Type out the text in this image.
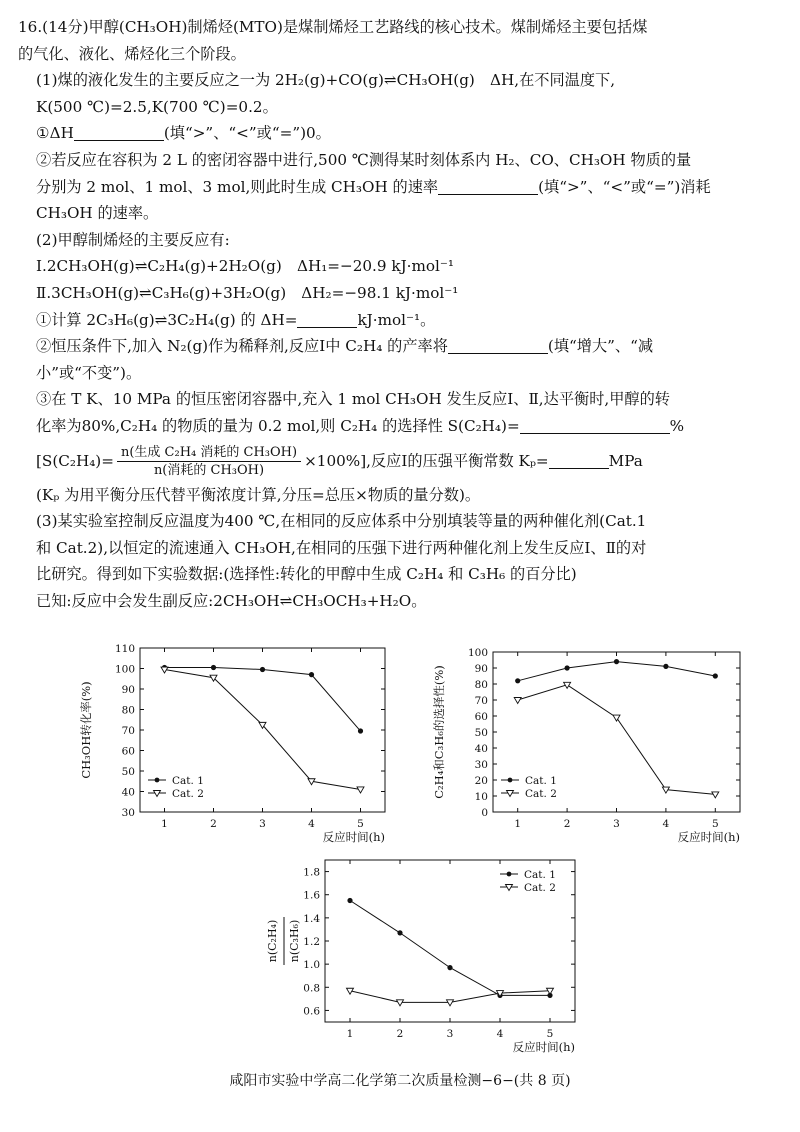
16.(14分)甲醇(CH₃OH)制烯烃(MTO)是煤制烯烃工艺路线的核心技术。煤制烯烃主要包括煤

的气化、液化、烯烃化三个阶段。

(1)煤的液化发生的主要反应之一为 2H₂(g)+CO(g)⇌CH₃OH(g)　ΔH,在不同温度下,

K(500 ℃)=2.5,K(700 ℃)=0.2。

①ΔH	(填“>”、“<”或“=”)0。

②若反应在容积为 2 L 的密闭容器中进行,500 ℃测得某时刻体系内 H₂、CO、CH₃OH 物质的量

分别为 2 mol、1 mol、3 mol,则此时生成 CH₃OH 的速率	(填“>”、“<”或“=”)消耗

CH₃OH 的速率。

(2)甲醇制烯烃的主要反应有:

Ⅰ.2CH₃OH(g)⇌C₂H₄(g)+2H₂O(g)　ΔH₁=−20.9 kJ·mol⁻¹

Ⅱ.3CH₃OH(g)⇌C₃H₆(g)+3H₂O(g)　ΔH₂=−98.1 kJ·mol⁻¹

①计算 2C₃H₆(g)⇌3C₂H₄(g) 的 ΔH=	kJ·mol⁻¹。

②恒压条件下,加入 N₂(g)作为稀释剂,反应Ⅰ中 C₂H₄ 的产率将	(填“增大”、“减

小”或“不变”)。

③在 T K、10 MPa 的恒压密闭容器中,充入 1 mol CH₃OH 发生反应Ⅰ、Ⅱ,达平衡时,甲醇的转

化率为80%,C₂H₄ 的物质的量为 0.2 mol,则 C₂H₄ 的选择性 S(C₂H₄)=	%

$[S(C_2H_4)= \frac{\text{n(生成 C₂H₄ 消耗的 CH₃OH)}}{\text{n(消耗的 CH₃OH)}} \times 100\%]$,反应Ⅰ的压强平衡常数 Kₚ=	MPa

(Kₚ 为用平衡分压代替平衡浓度计算,分压=总压×物质的量分数)。

(3)某实验室控制反应温度为400 ℃,在相同的反应体系中分别填装等量的两种催化剂(Cat.1

和 Cat.2),以恒定的流速通入 CH₃OH,在相同的压强下进行两种催化剂上发生反应Ⅰ、Ⅱ的对

比研究。得到如下实验数据:(选择性:转化的甲醇中生成 C₂H₄ 和 C₃H₆ 的百分比)

已知:反应中会发生副反应:2CH₃OH⇌CH₃OCH₃+H₂O。

30
40
50
60
70
80
90
100
110
1	2	3	4	5
反应时间(h)
CH₃OH转化率(%)
Cat. 1
Cat. 2
0
10
20
30
40
50
60
70
80
90
100
1	2	3	4	5
反应时间(h)
C₂H₄和C₃H₆的选择性(%)	Cat. 1
Cat. 2
0.6
0.8
1.0
1.2
1.4
1.6
1.8
1	2	3	4	5
反应时间(h)
n(C₂H₄) n(C₃H₆)
Cat. 1
Cat. 2
咸阳市实验中学高二化学第二次质量检测−6−(共 8 页)
